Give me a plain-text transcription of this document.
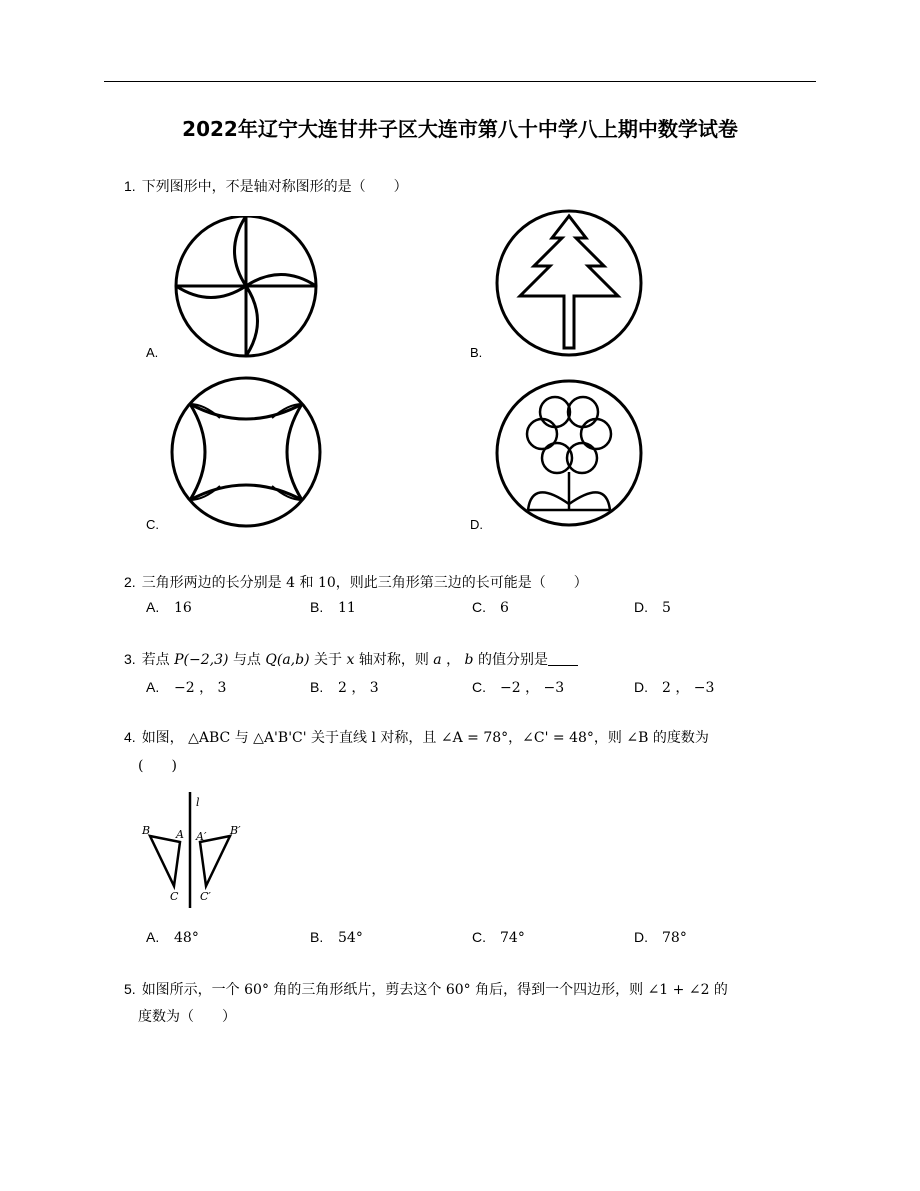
2022年辽宁大连甘井子区大连市第八十中学八上期中数学试卷
1. 下列图形中，不是轴对称图形的是（　　）
A.	B.
C.	D.
2. 三角形两边的长分别是 4 和 10，则此三角形第三边的长可能是（　　）
A. 16	B. 11	C. 6	D. 5
3. 若点 P(−2,3) 与点 Q(a,b) 关于 x 轴对称，则 a ， b 的值分别是
A. −2 ， 3	B. 2 ， 3	C. −2 ， −3	D. 2 ， −3
4. 如图， △ABC 与 △A'B'C' 关于直线 l 对称，且 ∠A = 78°，∠C' = 48°，则 ∠B 的度数为
(　　)
l
B A A′ B′
C C′
A. 48°	B. 54°	C. 74°	D. 78°
5. 如图所示，一个 60° 角的三角形纸片，剪去这个 60° 角后，得到一个四边形，则 ∠1 + ∠2 的
度数为（　　）
